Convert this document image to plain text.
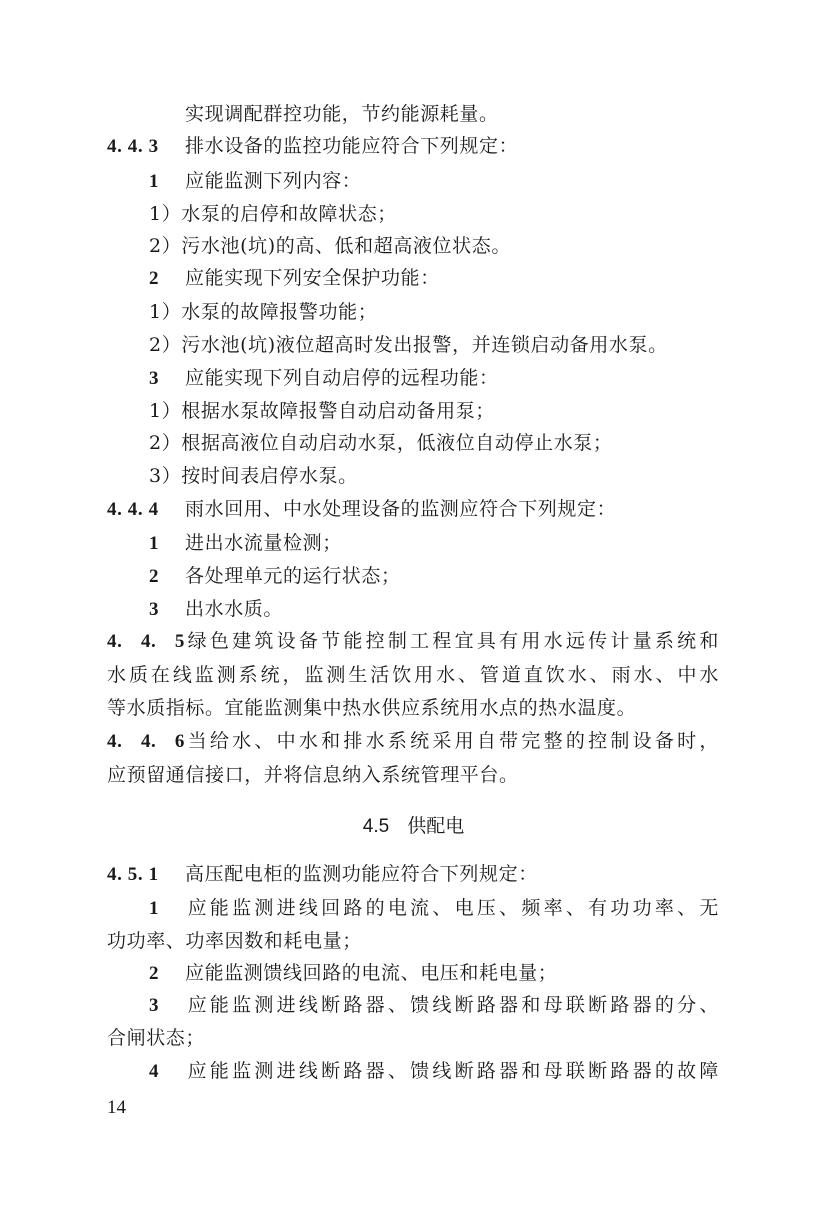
实现调配群控功能，节约能源耗量。
4. 4. 3 排水设备的监控功能应符合下列规定：
1 应能监测下列内容：
1）水泵的启停和故障状态；
2）污水池(坑)的高、低和超高液位状态。
2 应能实现下列安全保护功能：
1）水泵的故障报警功能；
2）污水池(坑)液位超高时发出报警，并连锁启动备用水泵。
3 应能实现下列自动启停的远程功能：
1）根据水泵故障报警自动启动备用泵；
2）根据高液位自动启动水泵，低液位自动停止水泵；
3）按时间表启停水泵。
4. 4. 4 雨水回用、中水处理设备的监测应符合下列规定：
1 进出水流量检测；
2 各处理单元的运行状态；
3 出水水质。
4. 4. 5绿色建筑设备节能控制工程宜具有用水远传计量系统和
水质在线监测系统，监测生活饮用水、管道直饮水、雨水、中水
等水质指标。宜能监测集中热水供应系统用水点的热水温度。
4. 4. 6当给水、中水和排水系统采用自带完整的控制设备时，
应预留通信接口，并将信息纳入系统管理平台。
4.5 供配电
4. 5. 1 高压配电柜的监测功能应符合下列规定：
1 应能监测进线回路的电流、电压、频率、有功功率、无
功功率、功率因数和耗电量；
2 应能监测馈线回路的电流、电压和耗电量；
3 应能监测进线断路器、馈线断路器和母联断路器的分、
合闸状态；
4 应能监测进线断路器、馈线断路器和母联断路器的故障
14
